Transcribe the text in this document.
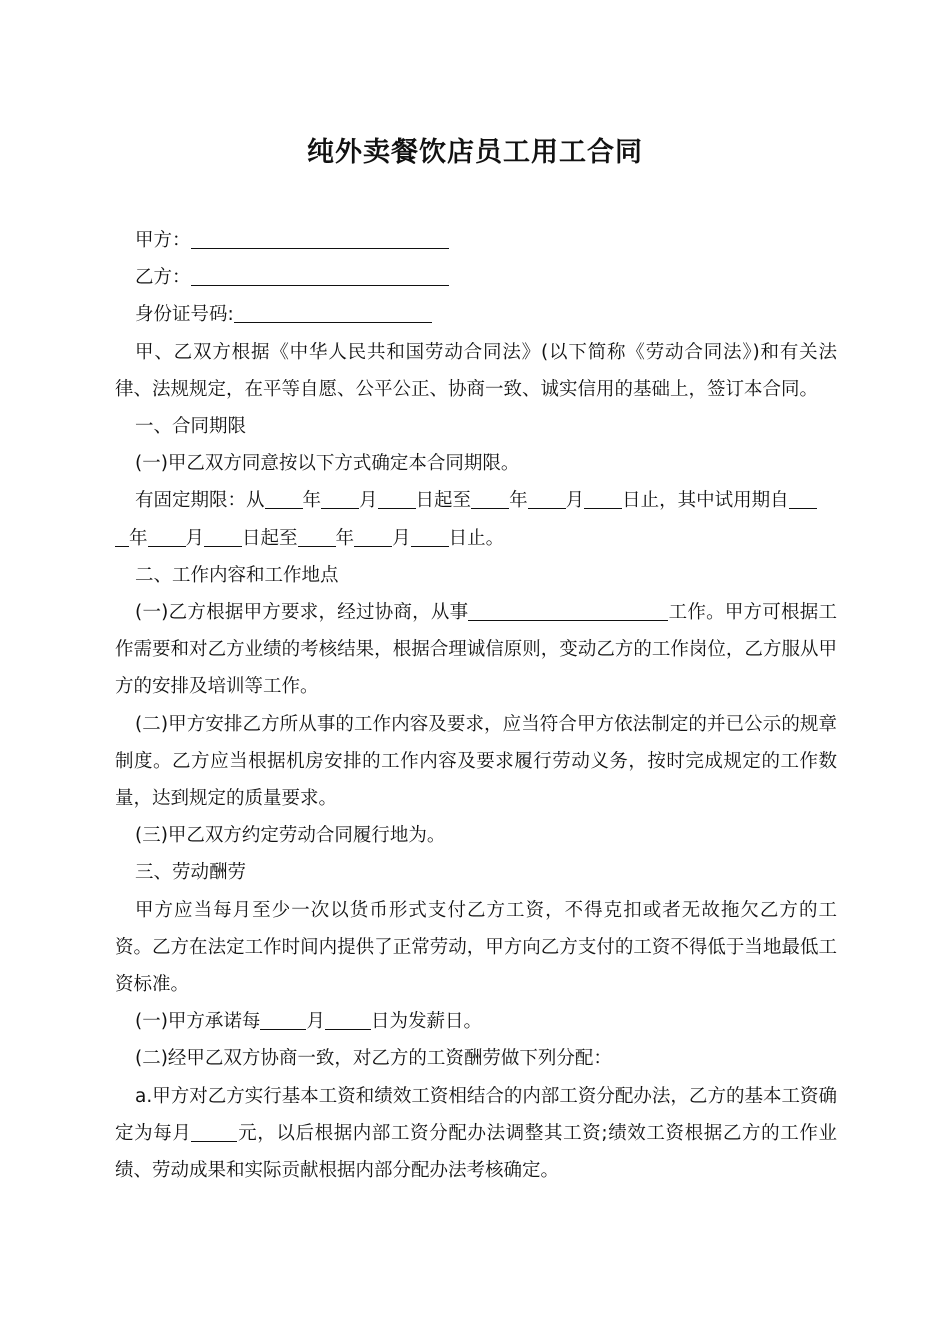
纯外卖餐饮店员工用工合同

甲方：

乙方：

身份证号码:

甲、乙双方根据《中华人民共和国劳动合同法》(以下简称《劳动合同法》)和有关法律、法规规定，在平等自愿、公平公正、协商一致、诚实信用的基础上，签订本合同。

一、合同期限

(一)甲乙双方同意按以下方式确定本合同期限。

有固定期限：从 年 月 日起至 年 月 日止，其中试用期自

年 月 日起至 年 月 日止。

二、工作内容和工作地点

(一)乙方根据甲方要求，经过协商，从事	工作。甲方可根据工作需要和对乙方业绩的考核结果，根据合理诚信原则，变动乙方的工作岗位，乙方服从甲方的安排及培训等工作。

(二)甲方安排乙方所从事的工作内容及要求，应当符合甲方依法制定的并已公示的规章制度。乙方应当根据机房安排的工作内容及要求履行劳动义务，按时完成规定的工作数量，达到规定的质量要求。

(三)甲乙双方约定劳动合同履行地为。

三、劳动酬劳

甲方应当每月至少一次以货币形式支付乙方工资，不得克扣或者无故拖欠乙方的工资。乙方在法定工作时间内提供了正常劳动，甲方向乙方支付的工资不得低于当地最低工资标准。

(一)甲方承诺每 月 日为发薪日。

(二)经甲乙双方协商一致，对乙方的工资酬劳做下列分配：

a.甲方对乙方实行基本工资和绩效工资相结合的内部工资分配办法，乙方的基本工资确定为每月 元，以后根据内部工资分配办法调整其工资;绩效工资根据乙方的工作业绩、劳动成果和实际贡献根据内部分配办法考核确定。
